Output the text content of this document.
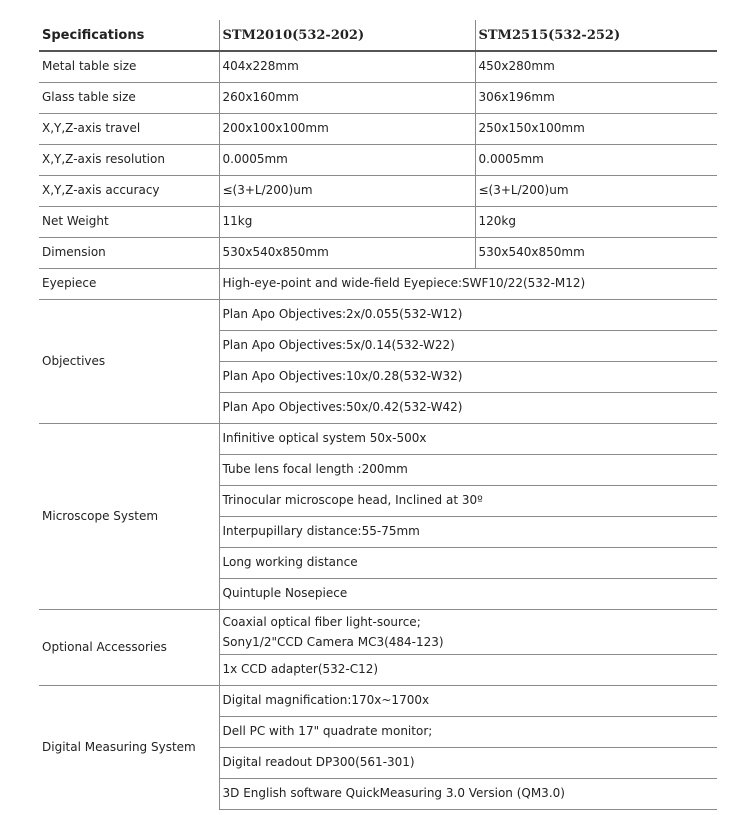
Specifications	STM2010(532-202)	STM2515(532-252)
Metal table size	404x228mm	450x280mm
Glass table size	260x160mm	306x196mm
X,Y,Z-axis travel	200x100x100mm	250x150x100mm
X,Y,Z-axis resolution	0.0005mm	0.0005mm
X,Y,Z-axis accuracy	≤(3+L/200)um	≤(3+L/200)um
Net Weight	11kg	120kg
Dimension	530x540x850mm	530x540x850mm
Eyepiece	High-eye-point and wide-field Eyepiece:SWF10/22(532-M12)	
Objectives	Plan Apo Objectives:2x/0.055(532-W12)	
	Plan Apo Objectives:5x/0.14(532-W22)	
	Plan Apo Objectives:10x/0.28(532-W32)	
	Plan Apo Objectives:50x/0.42(532-W42)	
Microscope System	Infinitive optical system 50x-500x	
	Tube lens focal length :200mm	
	Trinocular microscope head, Inclined at 30º	
	Interpupillary distance:55-75mm	
	Long working distance	
	Quintuple Nosepiece	
Optional Accessories	Coaxial optical fiber light-source;
Sony1/2"CCD Camera MC3(484-123)	

	1x CCD adapter(532-C12)	
Digital Measuring System	Digital magnification:170x~1700x	
	Dell PC with 17" quadrate monitor;	
	Digital readout DP300(561-301)	
	3D English software QuickMeasuring 3.0 Version (QM3.0)	
